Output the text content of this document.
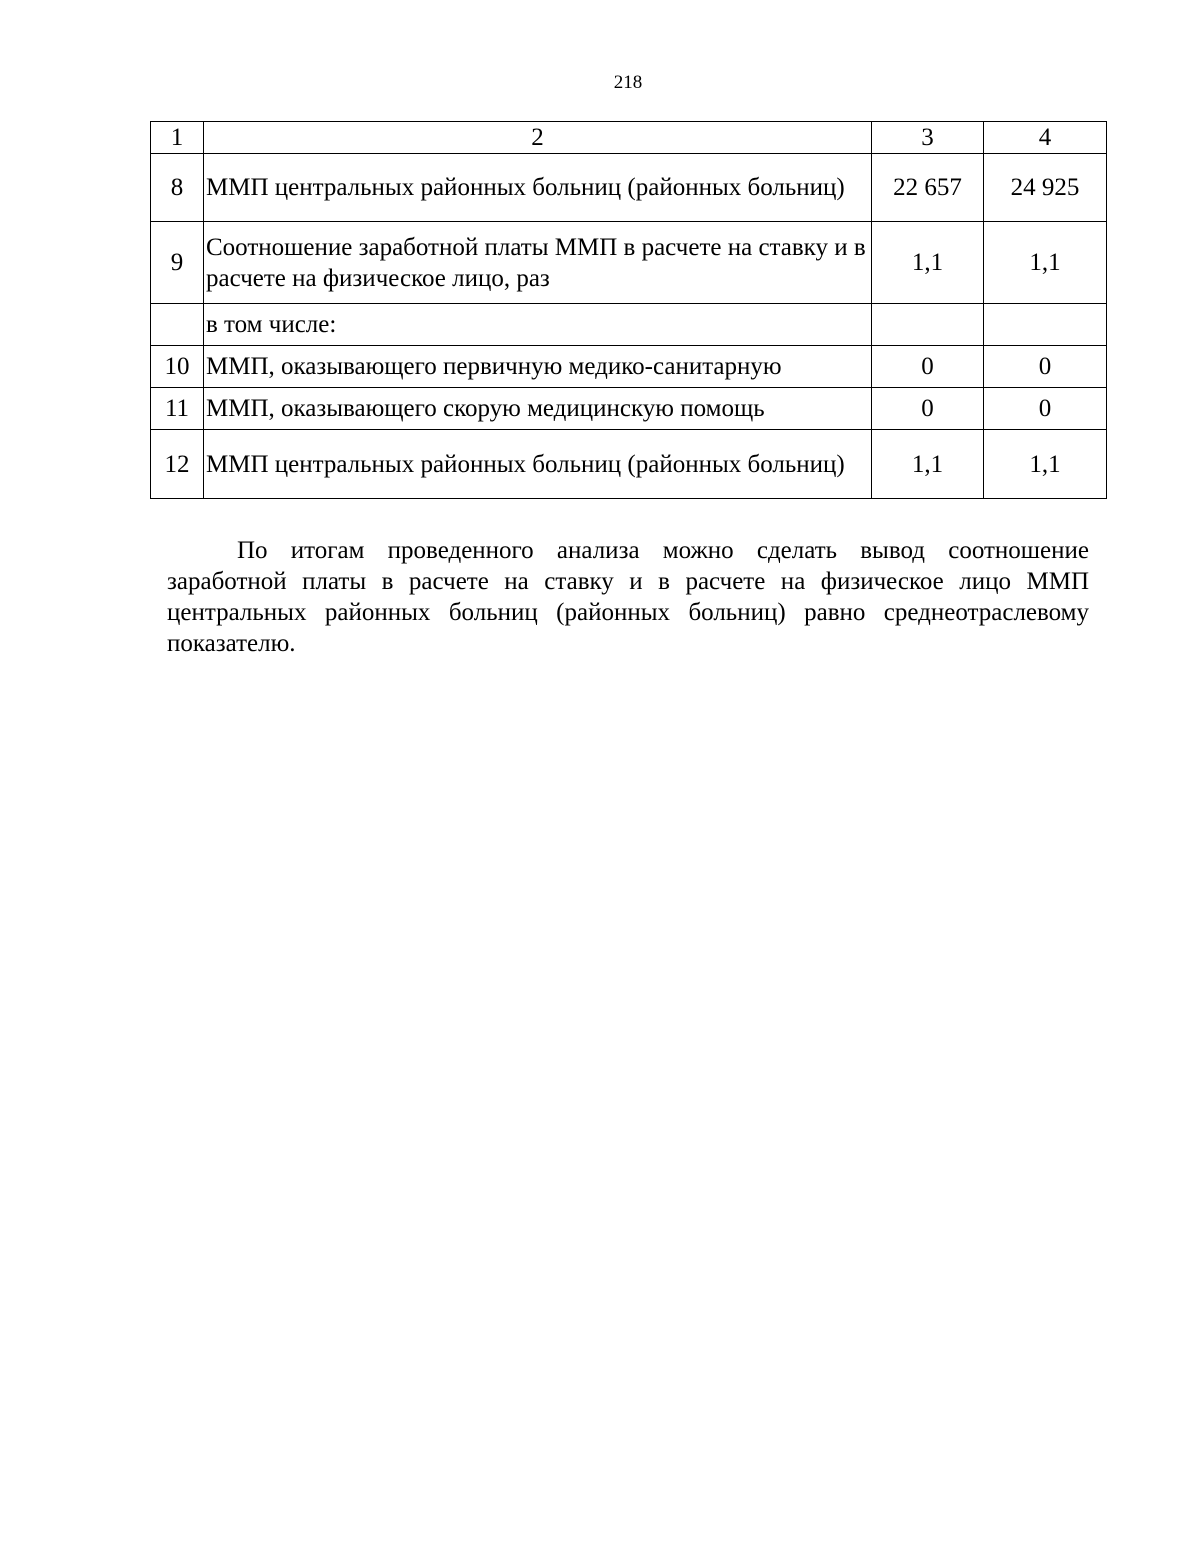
218
1	2	3	4
8	ММП центральных районных больниц (районных больниц)	22 657	24 925
9	Соотношение заработной платы ММП в расчете на ставку и в расчете на физическое лицо, раз	1,1	1,1
	в том числе:		
10	ММП, оказывающего первичную медико-санитарную	0	0
11	ММП, оказывающего скорую медицинскую помощь	0	0
12	ММП центральных районных больниц (районных больниц)	1,1	1,1

По итогам проведенного анализа можно сделать вывод соотношение заработной платы в расчете на ставку и в расчете на физическое лицо ММП центральных районных больниц (районных больниц) равно среднеотраслевому показателю.
